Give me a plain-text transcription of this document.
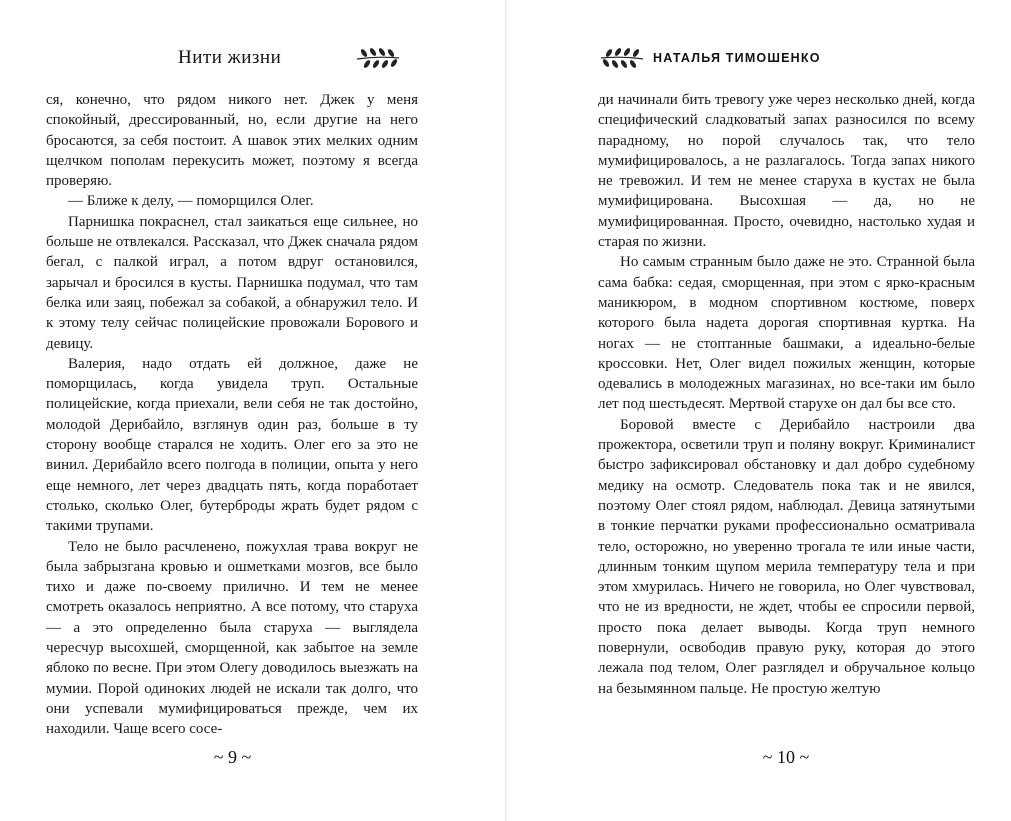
Нити жизни

ся, конечно, что рядом никого нет. Джек у меня спокойный, дрессированный, но, если другие на него бросаются, за себя постоит. А шавок этих мелких одним щелчком пополам перекусить может, поэтому я всегда проверяю.

— Ближе к делу, — поморщился Олег.

Парнишка покраснел, стал заикаться еще сильнее, но больше не отвлекался. Рассказал, что Джек сначала рядом бегал, с палкой играл, а потом вдруг остановился, зарычал и бросился в кусты. Парнишка подумал, что там белка или заяц, побежал за собакой, а обнаружил тело. И к этому телу сейчас полицейские провожали Борового и девицу.

Валерия, надо отдать ей должное, даже не поморщилась, когда увидела труп. Остальные полицейские, когда приехали, вели себя не так достойно, молодой Дерибайло, взглянув один раз, больше в ту сторону вообще старался не ходить. Олег его за это не винил. Дерибайло всего полгода в полиции, опыта у него еще немного, лет через двадцать пять, когда поработает столько, сколько Олег, бутерброды жрать будет рядом с такими трупами.

Тело не было расчленено, пожухлая трава вокруг не была забрызгана кровью и ошметками мозгов, все было тихо и даже по-своему прилично. И тем не менее смотреть оказалось неприятно. А все потому, что старуха — а это определенно была старуха — выглядела чересчур высохшей, сморщенной, как забытое на земле яблоко по весне. При этом Олегу доводилось выезжать на мумии. Порой одиноких людей не искали так долго, что они успевали мумифицироваться прежде, чем их находили. Чаще всего сосе-

~ 9 ~
НАТАЛЬЯ ТИМОШЕНКО

ди начинали бить тревогу уже через несколько дней, когда специфический сладковатый запах разносился по всему парадному, но порой случалось так, что тело мумифицировалось, а не разлагалось. Тогда запах никого не тревожил. И тем не менее старуха в кустах не была мумифицирована. Высохшая — да, но не мумифицированная. Просто, очевидно, настолько худая и старая по жизни.

Но самым странным было даже не это. Странной была сама бабка: седая, сморщенная, при этом с ярко-красным маникюром, в модном спортивном костюме, поверх которого была надета дорогая спортивная куртка. На ногах — не стоптанные башмаки, а идеально-белые кроссовки. Нет, Олег видел пожилых женщин, которые одевались в молодежных магазинах, но все-таки им было лет под шестьдесят. Мертвой старухе он дал бы все сто.

Боровой вместе с Дерибайло настроили два прожектора, осветили труп и поляну вокруг. Криминалист быстро зафиксировал обстановку и дал добро судебному медику на осмотр. Следователь пока так и не явился, поэтому Олег стоял рядом, наблюдал. Девица затянутыми в тонкие перчатки руками профессионально осматривала тело, осторожно, но уверенно трогала те или иные части, длинным тонким щупом мерила температуру тела и при этом хмурилась. Ничего не говорила, но Олег чувствовал, что не из вредности, не ждет, чтобы ее спросили первой, просто пока делает выводы. Когда труп немного повернули, освободив правую руку, которая до этого лежала под телом, Олег разглядел и обручальное кольцо на безымянном пальце. Не простую желтую

~ 10 ~
